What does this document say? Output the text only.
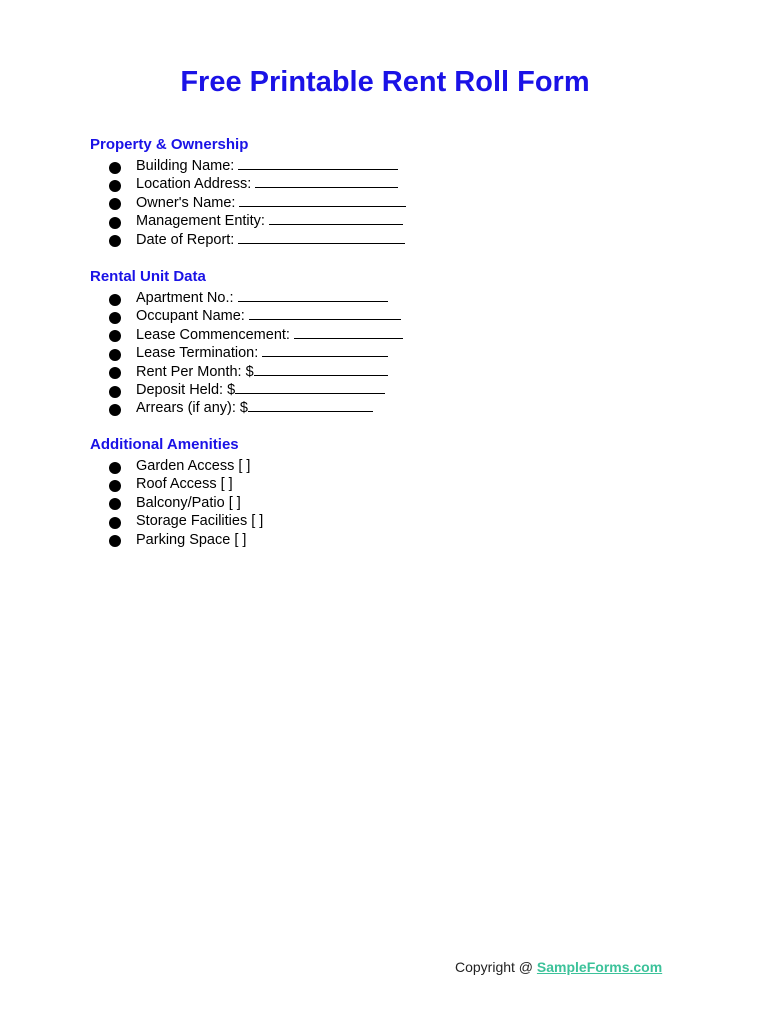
Free Printable Rent Roll Form
Property & Ownership
Building Name:
Location Address:
Owner's Name:
Management Entity:
Date of Report:
Rental Unit Data
Apartment No.:
Occupant Name:
Lease Commencement:
Lease Termination:
Rent Per Month: $
Deposit Held: $
Arrears (if any): $
Additional Amenities
Garden Access [ ]
Roof Access [ ]
Balcony/Patio [ ]
Storage Facilities [ ]
Parking Space [ ]
Copyright @ SampleForms.com
